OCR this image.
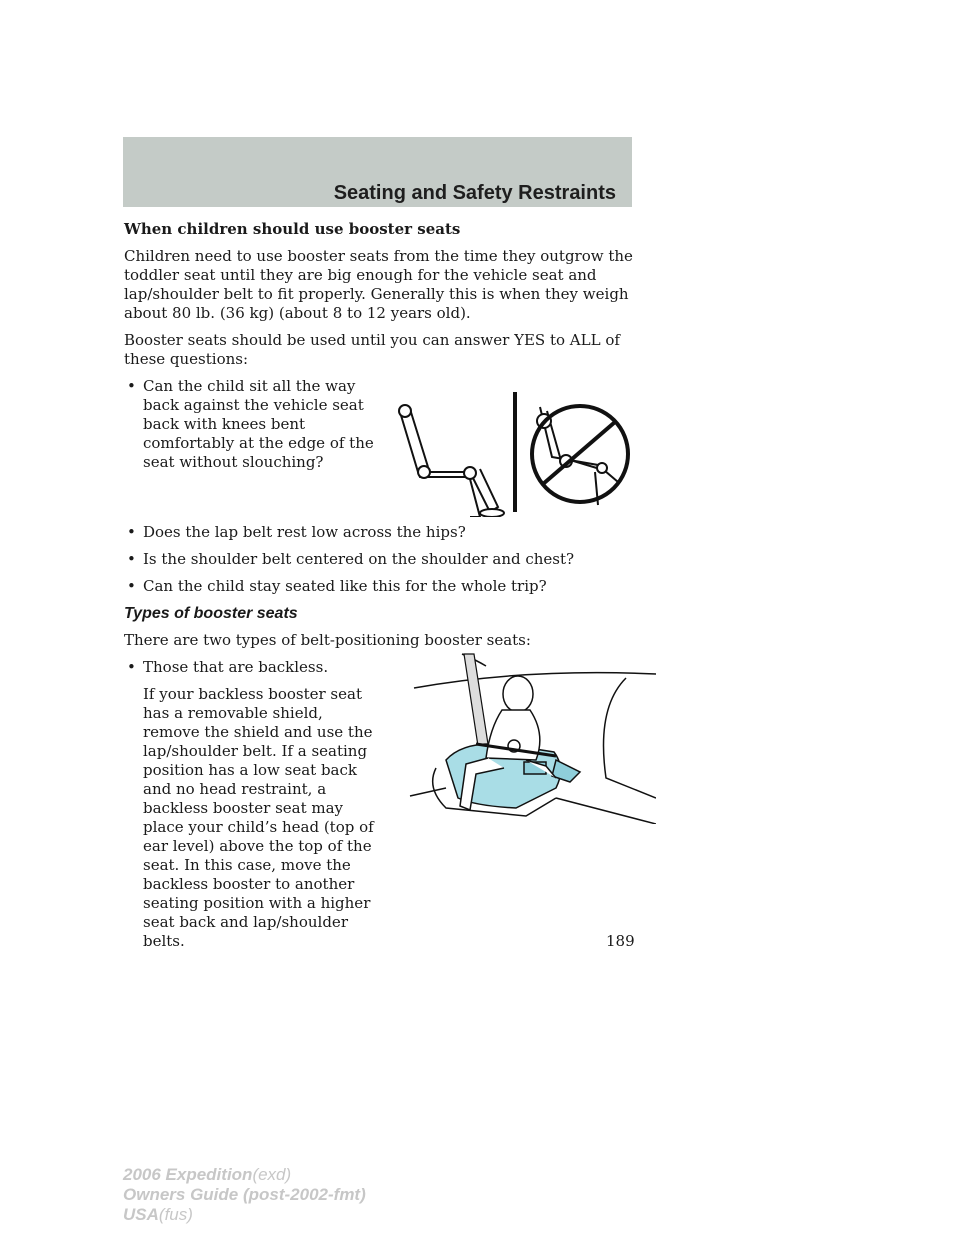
Seating and Safety Restraints
When children should use booster seats

Children need to use booster seats from the time they outgrow the toddler seat until they are big enough for the vehicle seat and lap/shoulder belt to fit properly. Generally this is when they weigh about 80 lb. (36 kg) (about 8 to 12 years old).

Booster seats should be used until you can answer YES to ALL of these questions:

• Can the child sit all the way back against the vehicle seat back with knees bent comfortably at the edge of the seat without slouching?
• Does the lap belt rest low across the hips?
• Is the shoulder belt centered on the shoulder and chest?
• Can the child stay seated like this for the whole trip?
Types of booster seats

There are two types of belt-positioning booster seats:

• Those that are backless.
If your backless booster seat has a removable shield, remove the shield and use the lap/shoulder belt. If a seating position has a low seat back and no head restraint, a backless booster seat may place your child’s head (top of ear level) above the top of the seat. In this case, move the backless booster to another seating position with a higher seat back and lap/shoulder belts.	189
2006 Expedition(exd)
Owners Guide (post-2002-fmt)
USA(fus)
